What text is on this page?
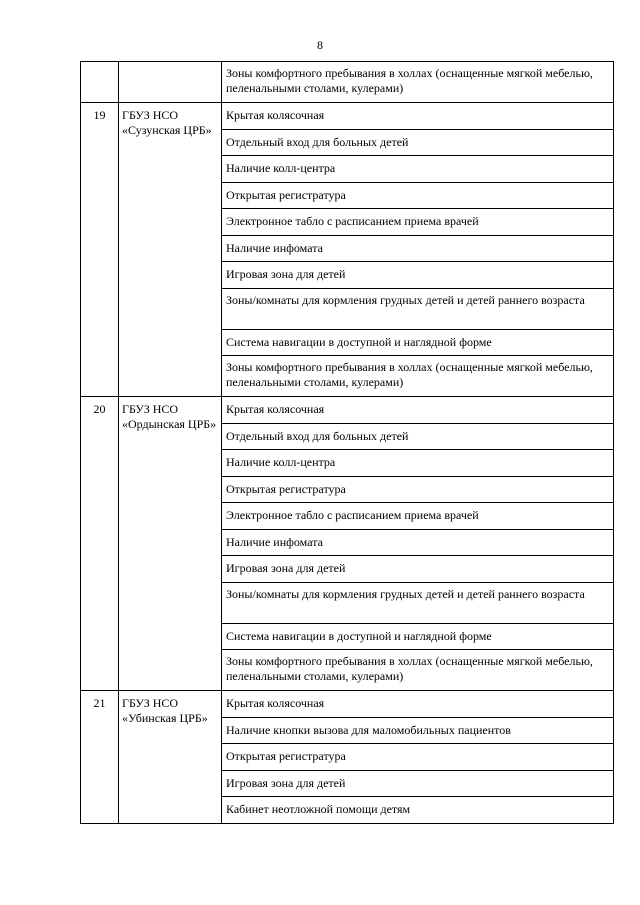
8
		Зоны комфортного пребывания в холлах (оснащенные мягкой мебелью, пеленальными столами, кулерами)
19	ГБУЗ НСО «Сузунская ЦРБ»	Крытая колясочная
		Отдельный вход для больных детей
		Наличие колл-центра
		Открытая регистратура
		Электронное табло с расписанием приема врачей
		Наличие инфомата
		Игровая зона для детей
		Зоны/комнаты для кормления грудных детей и детей раннего возраста
		Система навигации в доступной и наглядной форме
		Зоны комфортного пребывания в холлах (оснащенные мягкой мебелью, пеленальными столами, кулерами)
20	ГБУЗ НСО «Ордынская ЦРБ»	Крытая колясочная
		Отдельный вход для больных детей
		Наличие колл-центра
		Открытая регистратура
		Электронное табло с расписанием приема врачей
		Наличие инфомата
		Игровая зона для детей
		Зоны/комнаты для кормления грудных детей и детей раннего возраста
		Система навигации в доступной и наглядной форме
		Зоны комфортного пребывания в холлах (оснащенные мягкой мебелью, пеленальными столами, кулерами)
21	ГБУЗ НСО «Убинская ЦРБ»	Крытая колясочная
		Наличие кнопки вызова для маломобильных пациентов
		Открытая регистратура
		Игровая зона для детей
		Кабинет неотложной помощи детям
